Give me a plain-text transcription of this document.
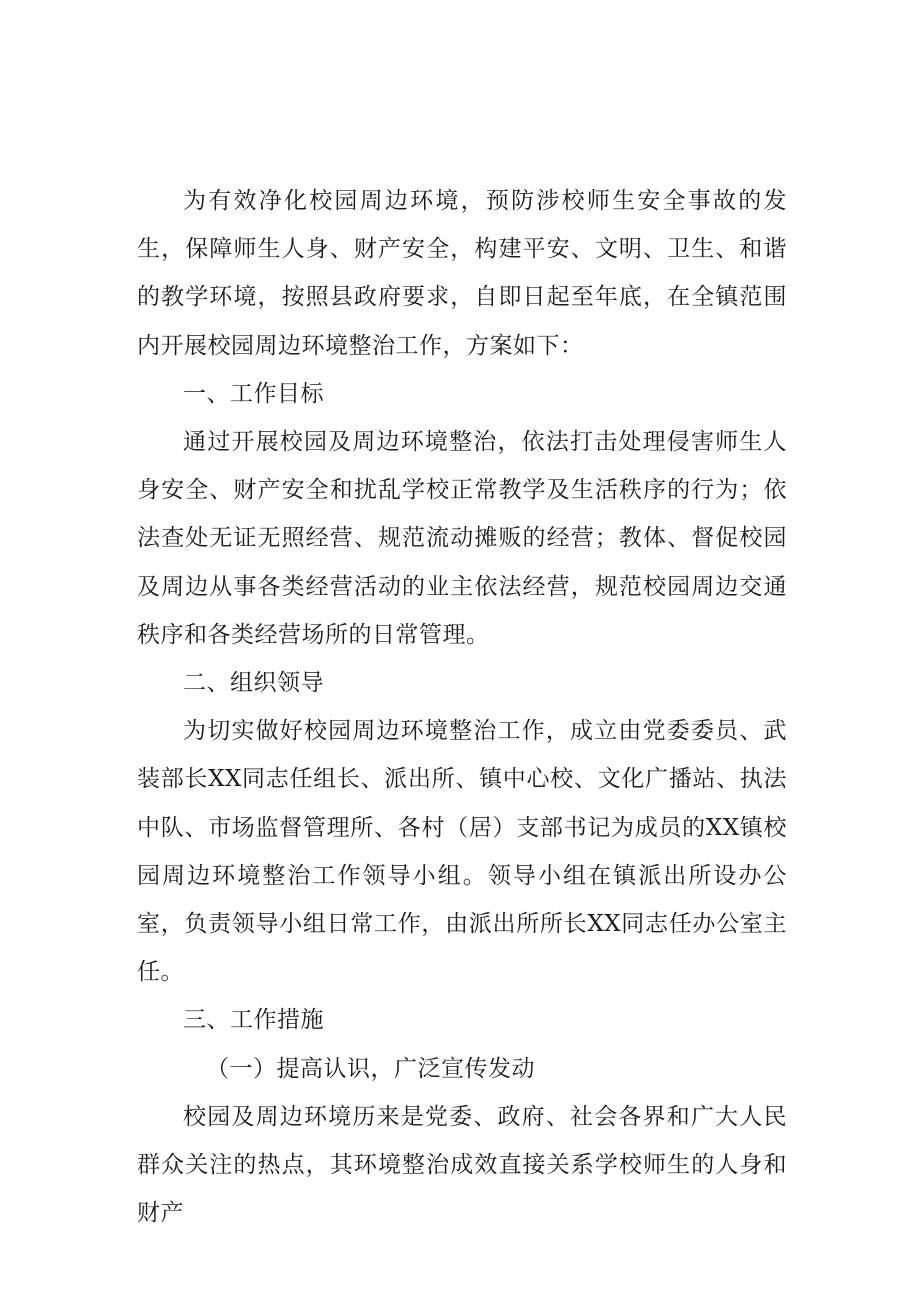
为有效净化校园周边环境，预防涉校师生安全事故的发生，保障师生人身、财产安全，构建平安、文明、卫生、和谐的教学环境，按照县政府要求，自即日起至年底，在全镇范围内开展校园周边环境整治工作，方案如下：

一、工作目标

通过开展校园及周边环境整治，依法打击处理侵害师生人身安全、财产安全和扰乱学校正常教学及生活秩序的行为；依法查处无证无照经营、规范流动摊贩的经营；教体、督促校园及周边从事各类经营活动的业主依法经营，规范校园周边交通秩序和各类经营场所的日常管理。

二、组织领导

为切实做好校园周边环境整治工作，成立由党委委员、武装部长XX同志任组长、派出所、镇中心校、文化广播站、执法中队、市场监督管理所、各村（居）支部书记为成员的XX镇校园周边环境整治工作领导小组。领导小组在镇派出所设办公室，负责领导小组日常工作，由派出所所长XX同志任办公室主任。

三、工作措施

（一）提高认识，广泛宣传发动

校园及周边环境历来是党委、政府、社会各界和广大人民群众关注的热点，其环境整治成效直接关系学校师生的人身和财产
